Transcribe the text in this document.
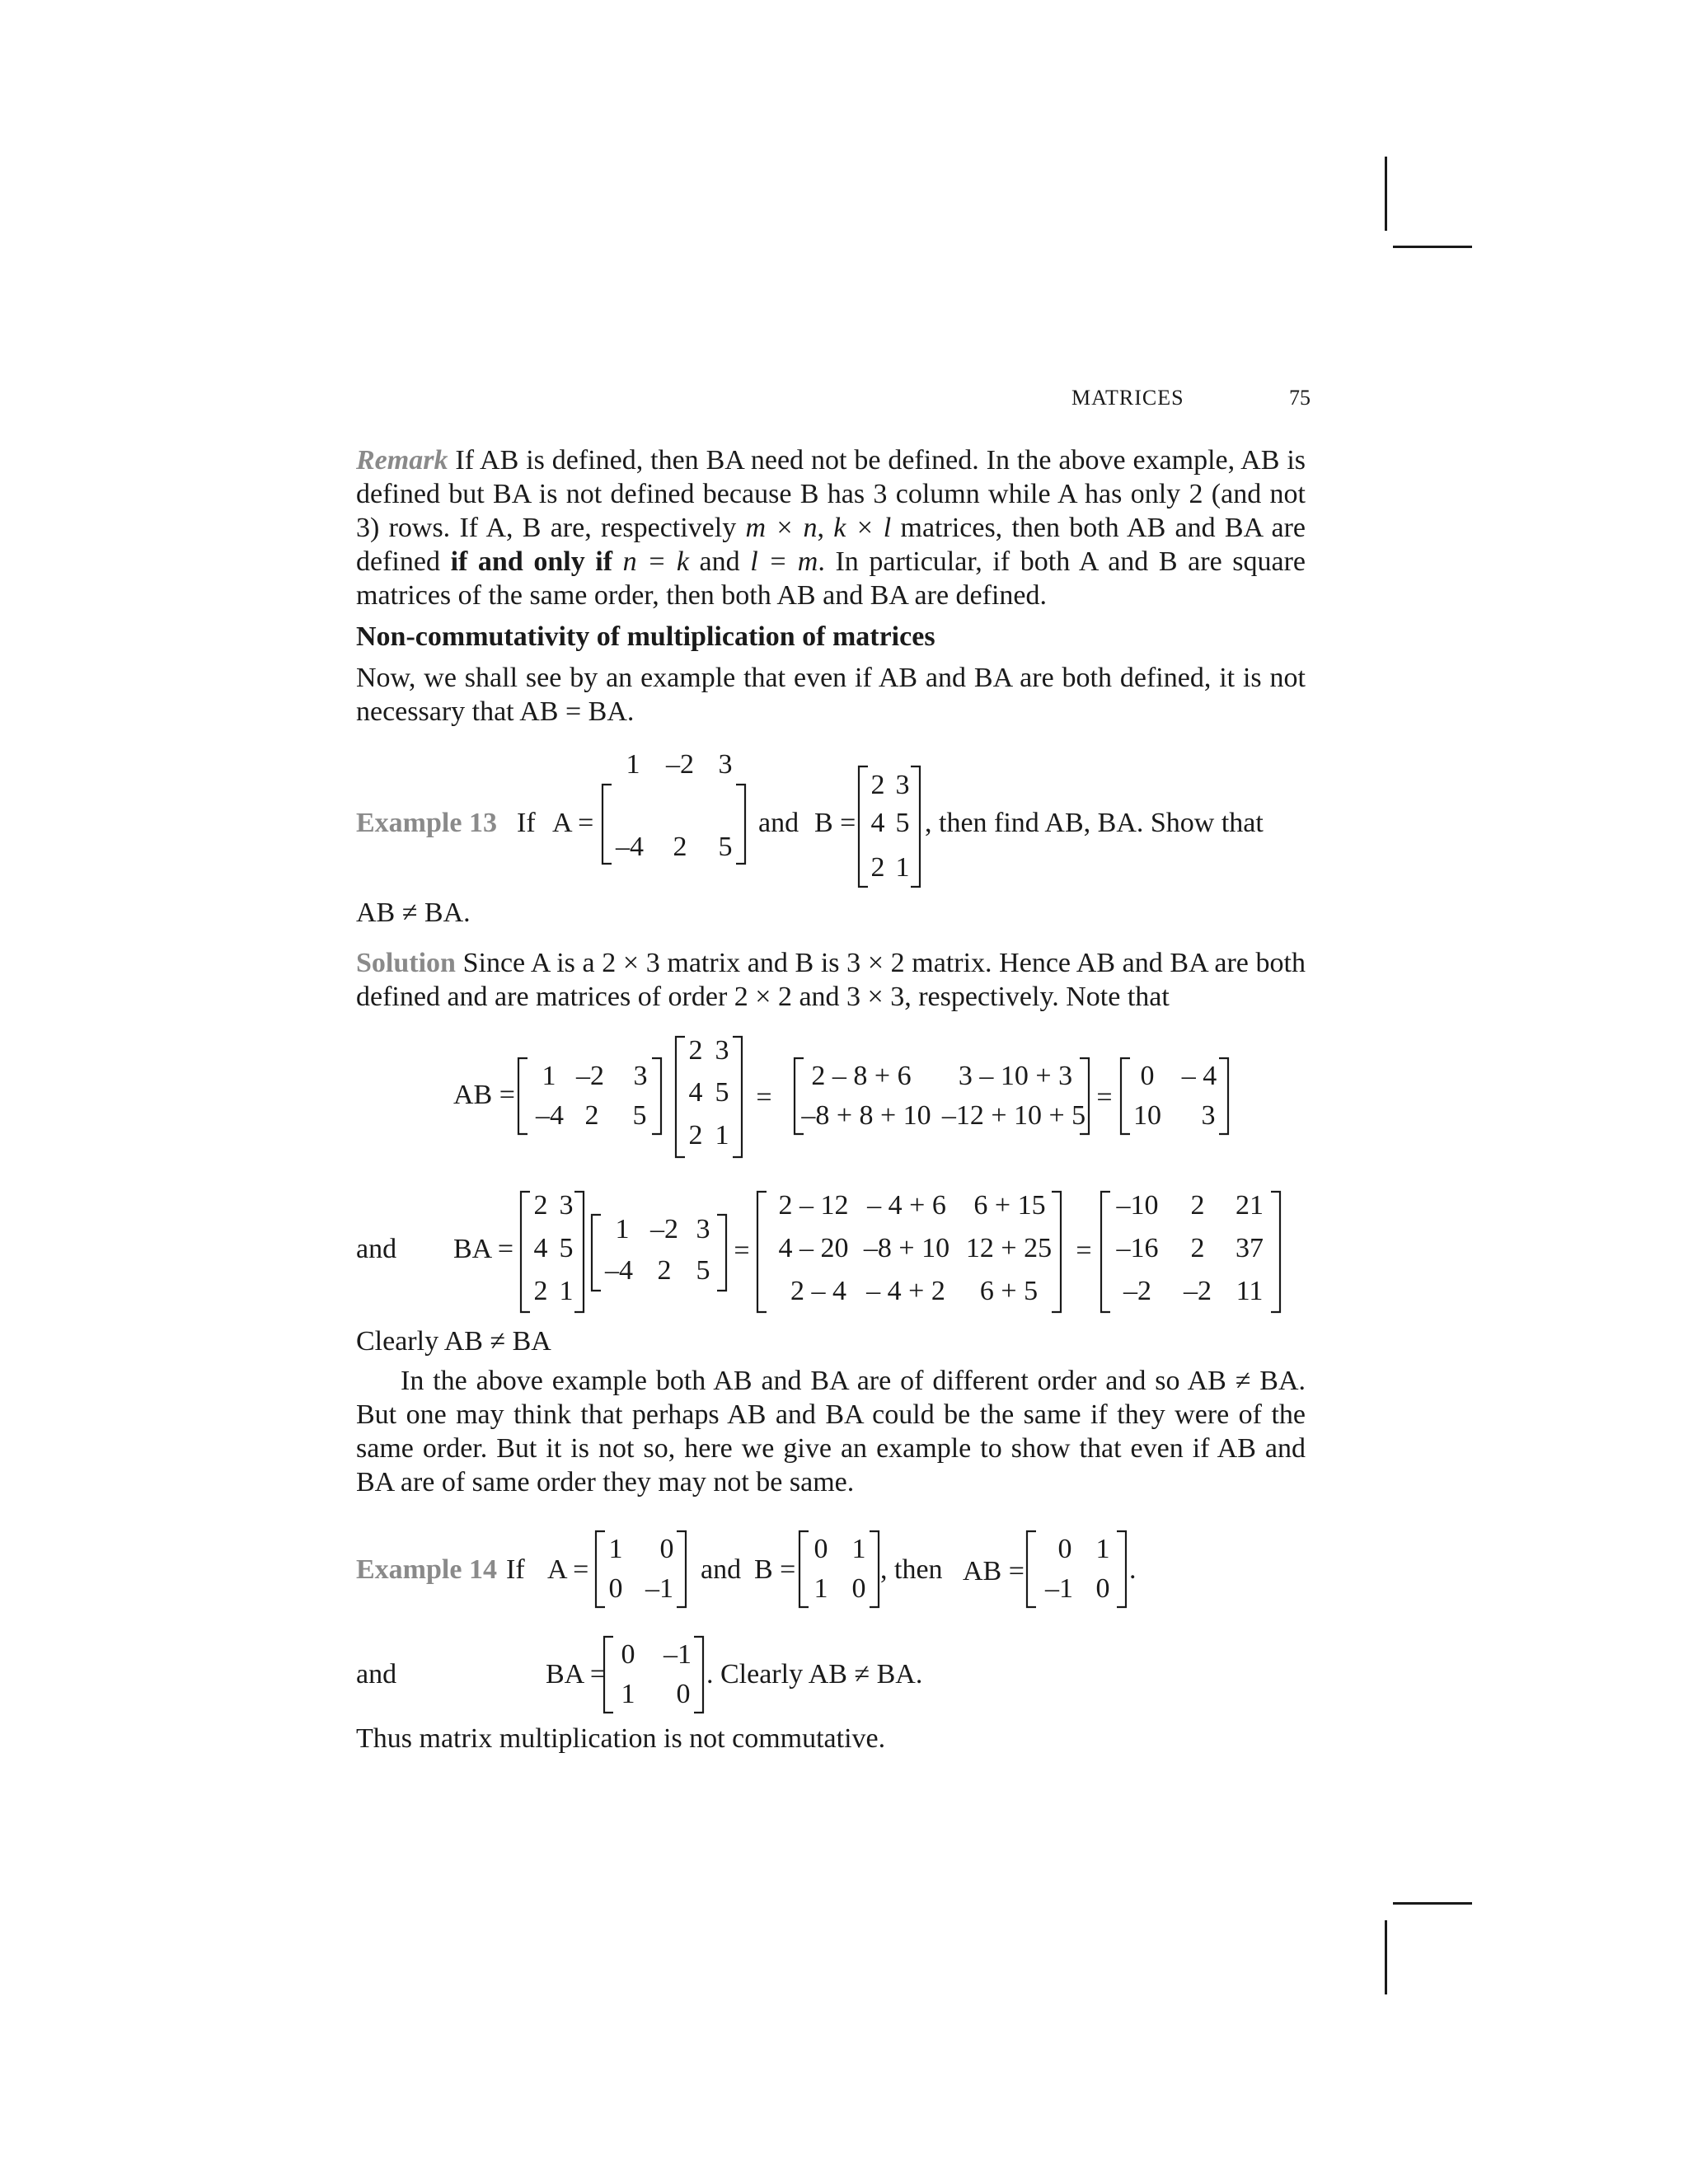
MATRICES	75
Remark If AB is defined, then BA need not be defined. In the above example, AB is defined but BA is not defined because B has 3 column while A has only 2 (and not 3) rows. If A, B are, respectively m × n, k × l matrices, then both AB and BA are defined if and only if n = k and l = m. In particular, if both A and B are square matrices of the same order, then both AB and BA are defined.
Non-commutativity of multiplication of matrices
Now, we shall see by an example that even if AB and BA are both defined, it is not necessary that AB = BA.
Example 13 If A =
1 –2 3
–4 2 5
and B =
2 3
4 5
2 1
, then find AB, BA. Show that
AB ≠ BA.
Solution Since A is a 2 × 3 matrix and B is 3 × 2 matrix. Hence AB and BA are both defined and are matrices of order 2 × 2 and 3 × 3, respectively. Note that
AB =
1 –2 3
–4 2 5
2 3
4 5
2 1
=
2 – 8 + 6 3 – 10 + 3
–8 + 8 + 10 –12 + 10 + 5
=
0 – 4
10 3
and BA =
2 3
4 5
2 1
1 –2 3
–4 2 5
=
2 – 12 – 4 + 6 6 + 15
4 – 20 –8 + 10 12 + 25
2 – 4 – 4 + 2 6 + 5
=
–10 2 21
–16 2 37
–2 –2 11
Clearly AB ≠ BA
In the above example both AB and BA are of different order and so AB ≠ BA. But one may think that perhaps AB and BA could be the same if they were of the same order. But it is not so, here we give an example to show that even if AB and BA are of same order they may not be same.
Example 14 If A =
1 0
0 –1
and B =
0 1
1 0
, then AB =
0 1
–1 0
.
and	BA =
0 –1
1 0
. Clearly AB ≠ BA.
Thus matrix multiplication is not commutative.
